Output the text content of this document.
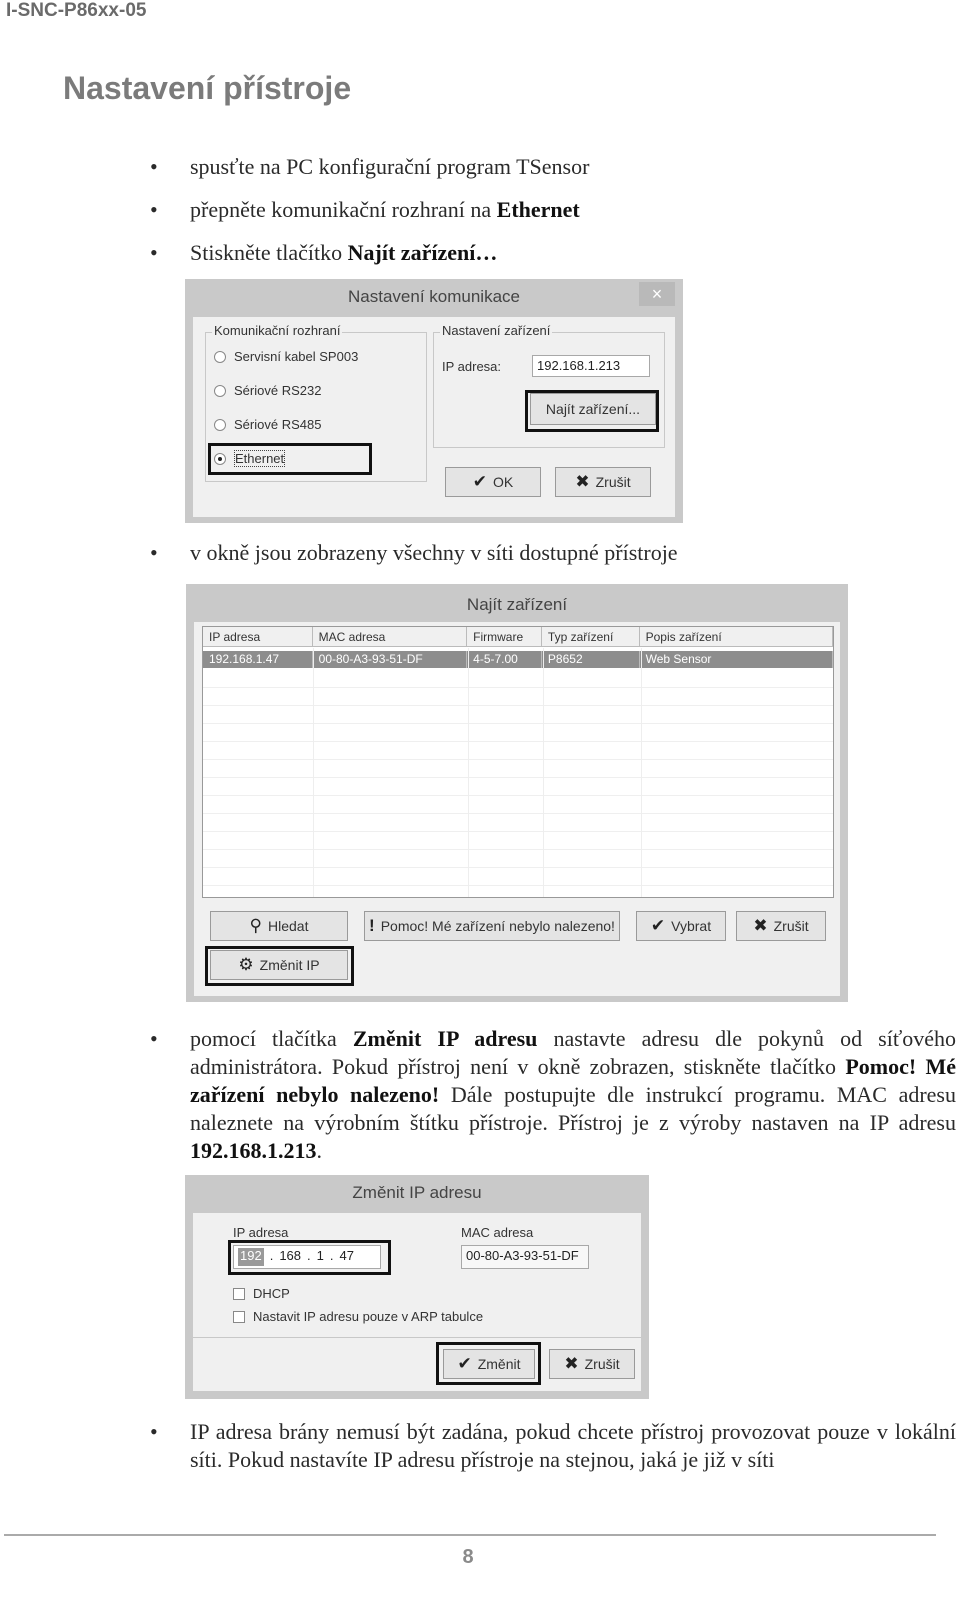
I-SNC-P86xx-05
Nastavení přístroje
• spusťte na PC konfigurační program TSensor
• přepněte komunikační rozhraní na Ethernet
• Stiskněte tlačítko Najít zařízení…
Nastavení komunikace	×
Komunikační rozhraní
Servisní kabel SP003
Sériové RS232
Sériové RS485
Ethernet
Nastavení zařízení
IP adresa:	192.168.1.213
Najít zařízení...
✔ OK	✖ Zrušit
• v okně jsou zobrazeny všechny v síti dostupné přístroje
Najít zařízení
IP adresa	MAC adresa	Firmware	Typ zařízení	Popis zařízení
192.168.1.47	00-80-A3-93-51-DF	4-5-7.00	P8652	Web Sensor
⚲ Hledat	! Pomoc! Mé zařízení nebylo nalezeno! ✔ Vybrat ✖ Zrušit
⚙ Změnit IP
• pomocí tlačítka Změnit IP adresu nastavte adresu dle pokynů od síťového administrátora. Pokud přístroj není v okně zobrazen, stiskněte tlačítko Pomoc! Mé zařízení nebylo nalezeno! Dále postupujte dle instrukcí programu. MAC adresu naleznete na výrobním štítku přístroje. Přístroj je z výroby nastaven na IP adresu 192.168.1.213.
Změnit IP adresu
IP adresa
192 . 168 . 1 . 47
MAC adresa
00-80-A3-93-51-DF
DHCP
Nastavit IP adresu pouze v ARP tabulce
✔ Změnit	✖ Zrušit
• IP adresa brány nemusí být zadána, pokud chcete přístroj provozovat pouze v lokální síti. Pokud nastavíte IP adresu přístroje na stejnou, jaká je již v síti
8
